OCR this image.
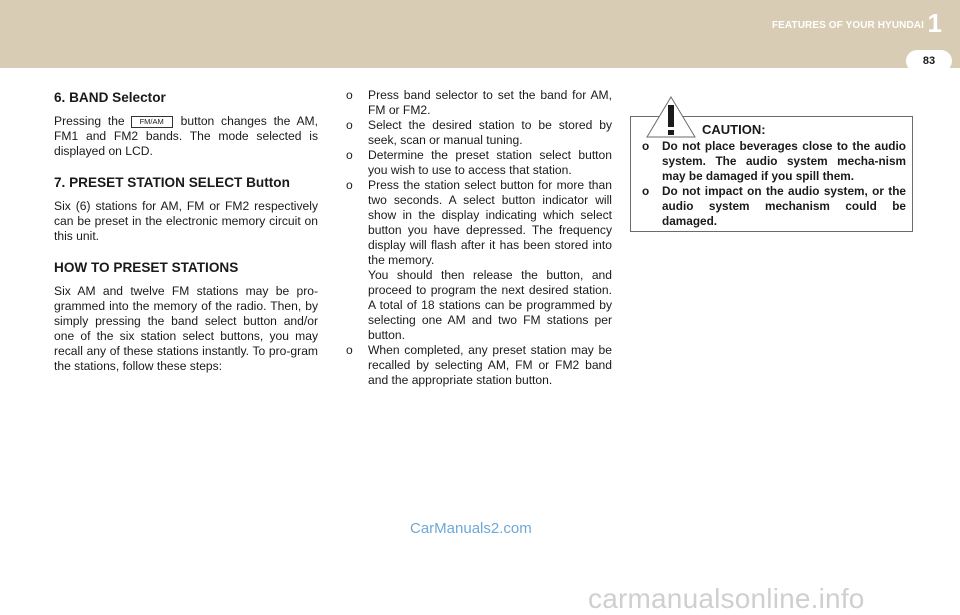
FEATURES OF YOUR HYUNDAI 1
83
6. BAND Selector

Pressing the FM/AM button changes the AM, FM1 and FM2 bands. The mode selected is displayed on LCD.

7. PRESET STATION SELECT Button

Six (6) stations for AM, FM or FM2 respectively can be preset in the electronic memory circuit on this unit.

HOW TO PRESET STATIONS

Six AM and twelve FM stations may be pro-grammed into the memory of the radio. Then, by simply pressing the band select button and/or one of the six station select buttons, you may recall any of these stations instantly. To pro-gram the stations, follow these steps:

o Press band selector to set the band for AM, FM or FM2.
o Select the desired station to be stored by seek, scan or manual tuning.
o Determine the preset station select button you wish to use to access that station.
o Press the station select button for more than two seconds. A select button indicator will show in the display indicating which select button you have depressed. The frequency display will flash after it has been stored into the memory.
You should then release the button, and proceed to program the next desired station. A total of 18 stations can be programmed by selecting one AM and two FM stations per button.
o When completed, any preset station may be recalled by selecting AM, FM or FM2 band and the appropriate station button.
CAUTION:
o Do not place beverages close to the audio system. The audio system mecha-nism may be damaged if you spill them.
o Do not impact on the audio system, or the audio system mechanism could be damaged.
CarManuals2.com
carmanualsonline.info
